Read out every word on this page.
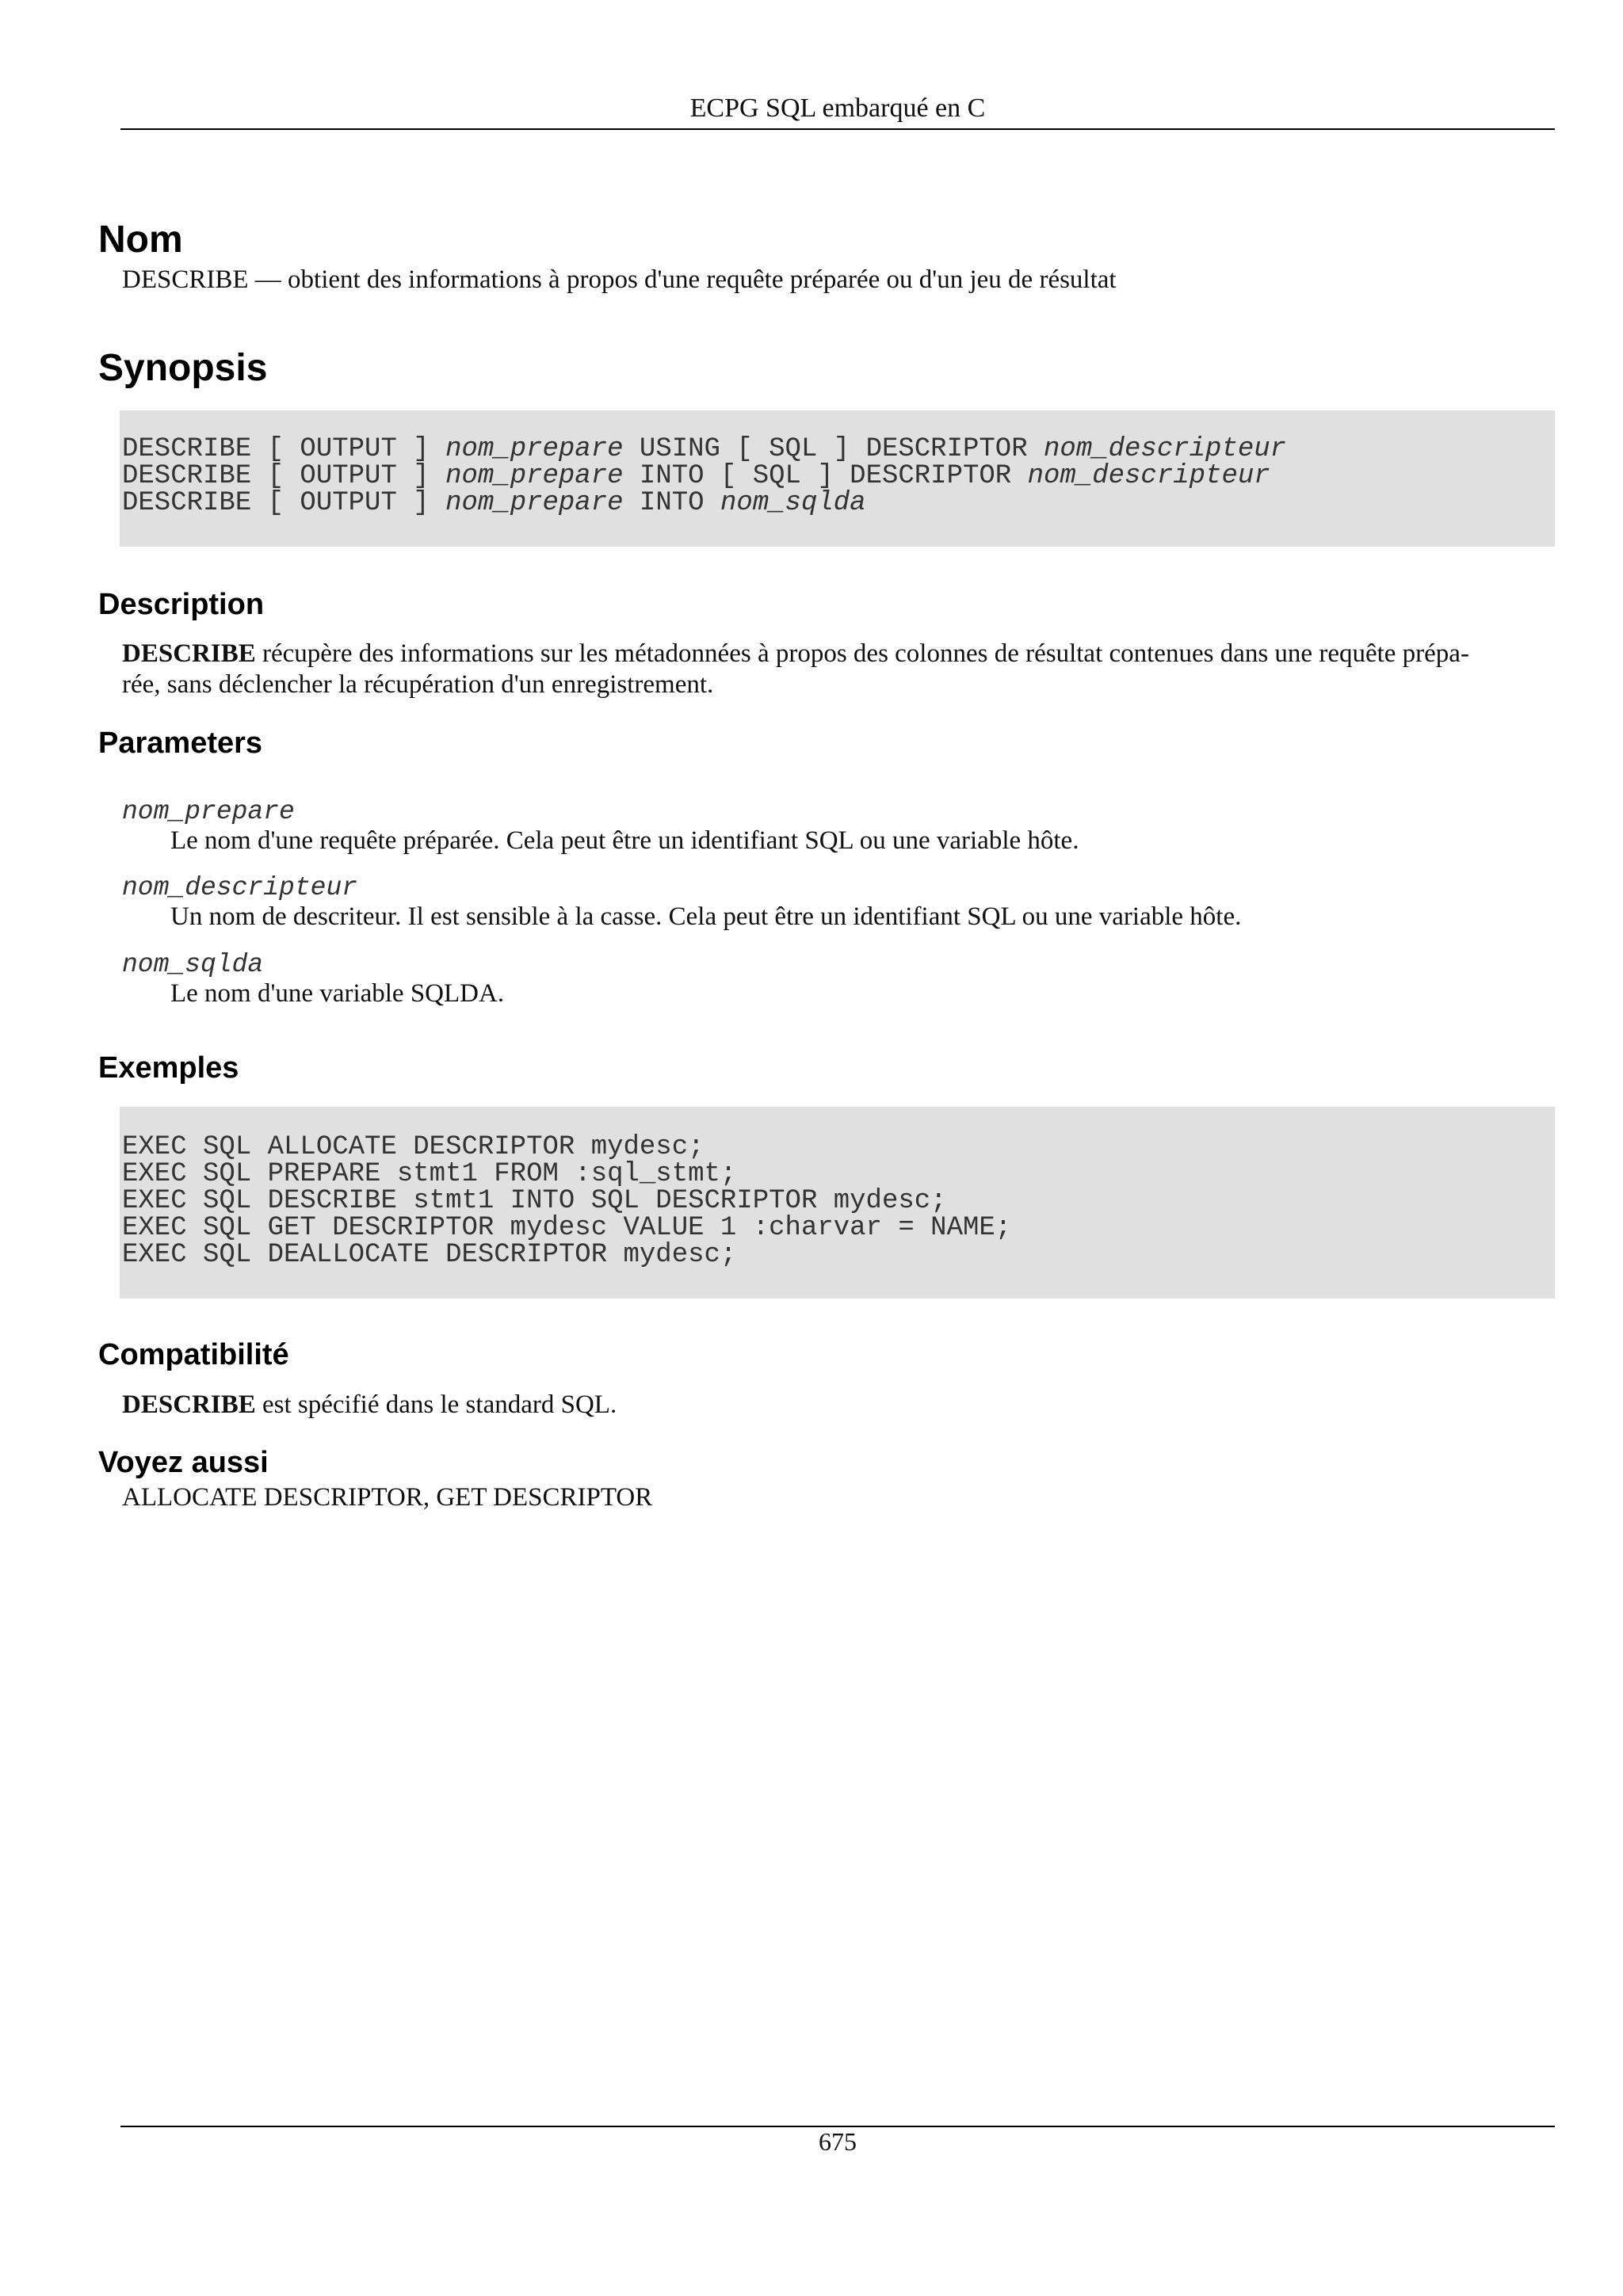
ECPG SQL embarqué en C
Nom

DESCRIBE — obtient des informations à propos d'une requête préparée ou d'un jeu de résultat

Synopsis
DESCRIBE [ OUTPUT ] nom_prepare USING [ SQL ] DESCRIPTOR nom_descripteur
DESCRIBE [ OUTPUT ] nom_prepare INTO [ SQL ] DESCRIPTOR nom_descripteur
DESCRIBE [ OUTPUT ] nom_prepare INTO nom_sqlda
Description

DESCRIBE récupère des informations sur les métadonnées à propos des colonnes de résultat contenues dans une requête prépa-

rée, sans déclencher la récupération d'un enregistrement.

Parameters
nom_prepare
Le nom d'une requête préparée. Cela peut être un identifiant SQL ou une variable hôte.
nom_descripteur
Un nom de descriteur. Il est sensible à la casse. Cela peut être un identifiant SQL ou une variable hôte.
nom_sqlda
Le nom d'une variable SQLDA.
Exemples
EXEC SQL ALLOCATE DESCRIPTOR mydesc;
EXEC SQL PREPARE stmt1 FROM :sql_stmt;
EXEC SQL DESCRIBE stmt1 INTO SQL DESCRIPTOR mydesc;
EXEC SQL GET DESCRIPTOR mydesc VALUE 1 :charvar = NAME;
EXEC SQL DEALLOCATE DESCRIPTOR mydesc;
Compatibilité

DESCRIBE est spécifié dans le standard SQL.

Voyez aussi

ALLOCATE DESCRIPTOR, GET DESCRIPTOR

675
